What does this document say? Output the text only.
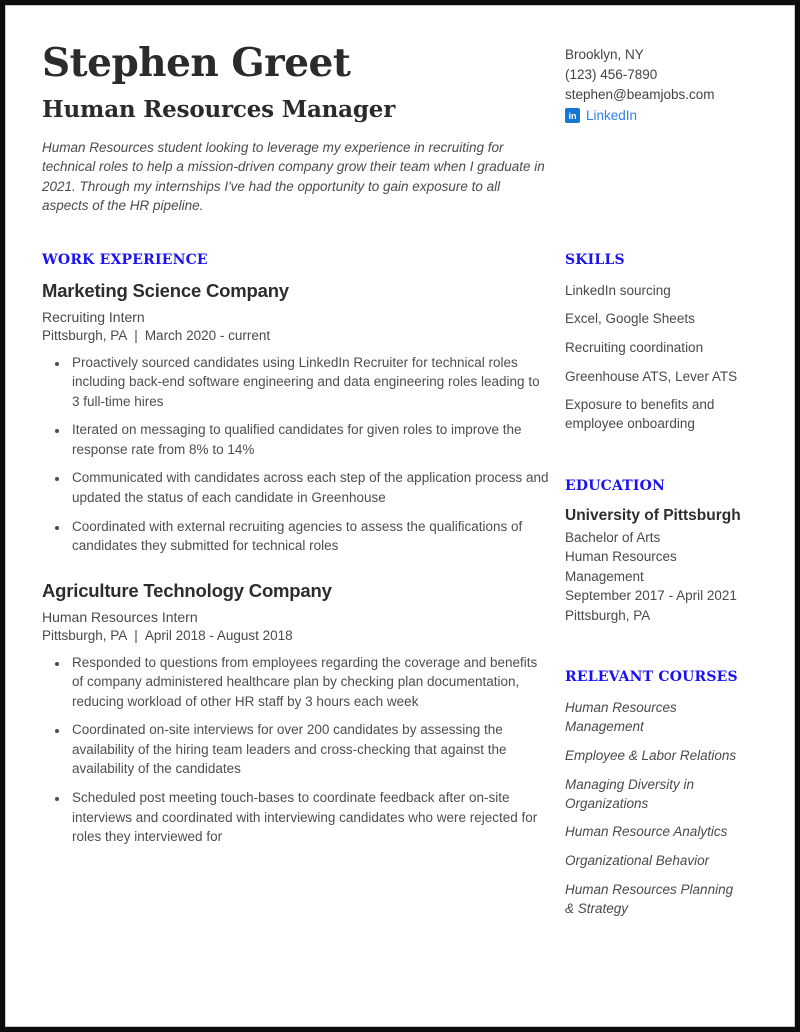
Stephen Greet
Human Resources Manager

Human Resources student looking to leverage my experience in recruiting for technical roles to help a mission-driven company grow their team when I graduate in 2021. Through my internships I've had the opportunity to gain exposure to all aspects of the HR pipeline.

Brooklyn, NY
(123) 456-7890
stephen@beamjobs.com
in LinkedIn
WORK EXPERIENCE
Marketing Science Company
Recruiting Intern
Pittsburgh, PA | March 2020 - current
• Proactively sourced candidates using LinkedIn Recruiter for technical roles including back-end software engineering and data engineering roles leading to 3 full-time hires
• Iterated on messaging to qualified candidates for given roles to improve the response rate from 8% to 14%
• Communicated with candidates across each step of the application process and updated the status of each candidate in Greenhouse
• Coordinated with external recruiting agencies to assess the qualifications of candidates they submitted for technical roles
Agriculture Technology Company
Human Resources Intern
Pittsburgh, PA | April 2018 - August 2018
• Responded to questions from employees regarding the coverage and benefits of company administered healthcare plan by checking plan documentation, reducing workload of other HR staff by 3 hours each week
• Coordinated on-site interviews for over 200 candidates by assessing the availability of the hiring team leaders and cross-checking that against the availability of the candidates
• Scheduled post meeting touch-bases to coordinate feedback after on-site interviews and coordinated with interviewing candidates who were rejected for roles they interviewed for
SKILLS
LinkedIn sourcing
Excel, Google Sheets
Recruiting coordination
Greenhouse ATS, Lever ATS
Exposure to benefits and employee onboarding
EDUCATION
University of Pittsburgh
Bachelor of Arts
Human Resources Management
September 2017 - April 2021
Pittsburgh, PA
RELEVANT COURSES
Human Resources Management
Employee & Labor Relations
Managing Diversity in Organizations
Human Resource Analytics
Organizational Behavior
Human Resources Planning & Strategy
